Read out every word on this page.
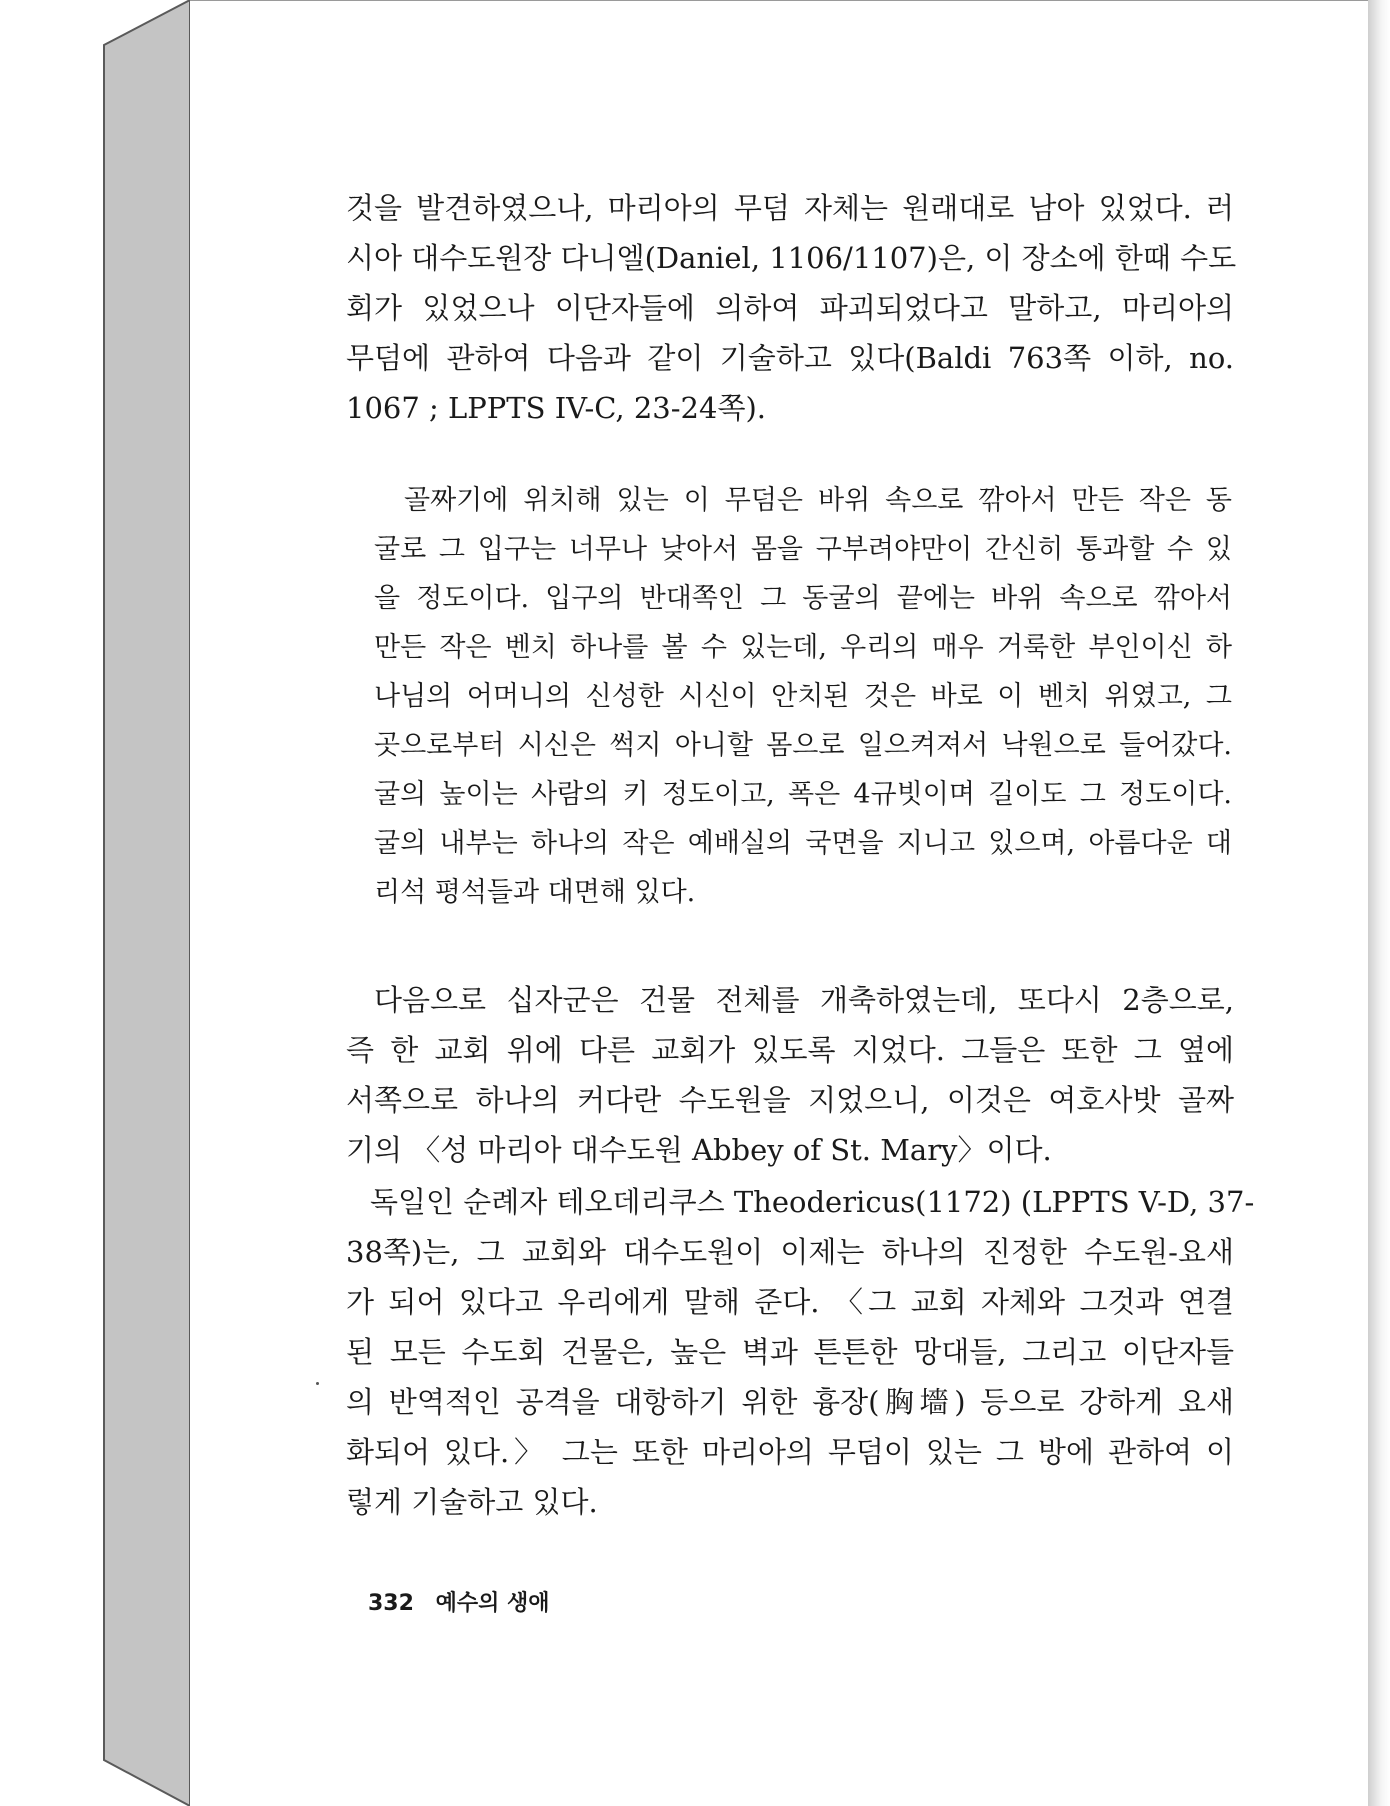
것을 발견하였으나, 마리아의 무덤 자체는 원래대로 남아 있었다. 러
시아 대수도원장 다니엘(Daniel, 1106/1107)은, 이 장소에 한때 수도
회가 있었으나 이단자들에 의하여 파괴되었다고 말하고, 마리아의
무덤에 관하여 다음과 같이 기술하고 있다(Baldi 763쪽 이하, no.
1067 ; LPPTS IV-C, 23-24쪽).
골짜기에 위치해 있는 이 무덤은 바위 속으로 깎아서 만든 작은 동
굴로 그 입구는 너무나 낮아서 몸을 구부려야만이 간신히 통과할 수 있
을 정도이다. 입구의 반대쪽인 그 동굴의 끝에는 바위 속으로 깎아서
만든 작은 벤치 하나를 볼 수 있는데, 우리의 매우 거룩한 부인이신 하
나님의 어머니의 신성한 시신이 안치된 것은 바로 이 벤치 위였고, 그
곳으로부터 시신은 썩지 아니할 몸으로 일으켜져서 낙원으로 들어갔다.
굴의 높이는 사람의 키 정도이고, 폭은 4규빗이며 길이도 그 정도이다.
굴의 내부는 하나의 작은 예배실의 국면을 지니고 있으며, 아름다운 대
리석 평석들과 대면해 있다.
다음으로 십자군은 건물 전체를 개축하였는데, 또다시 2층으로,
즉 한 교회 위에 다른 교회가 있도록 지었다. 그들은 또한 그 옆에
서쪽으로 하나의 커다란 수도원을 지었으니, 이것은 여호사밧 골짜
기의 〈성 마리아 대수도원 Abbey of St. Mary〉이다.
독일인 순례자 테오데리쿠스 Theodericus(1172) (LPPTS V-D, 37-
38쪽)는, 그 교회와 대수도원이 이제는 하나의 진정한 수도원-요새
가 되어 있다고 우리에게 말해 준다. 〈그 교회 자체와 그것과 연결
된 모든 수도회 건물은, 높은 벽과 튼튼한 망대들, 그리고 이단자들
의 반역적인 공격을 대항하기 위한 흉장(胸墻) 등으로 강하게 요새
화되어 있다.〉 그는 또한 마리아의 무덤이 있는 그 방에 관하여 이
렇게 기술하고 있다.
332 예수의 생애
